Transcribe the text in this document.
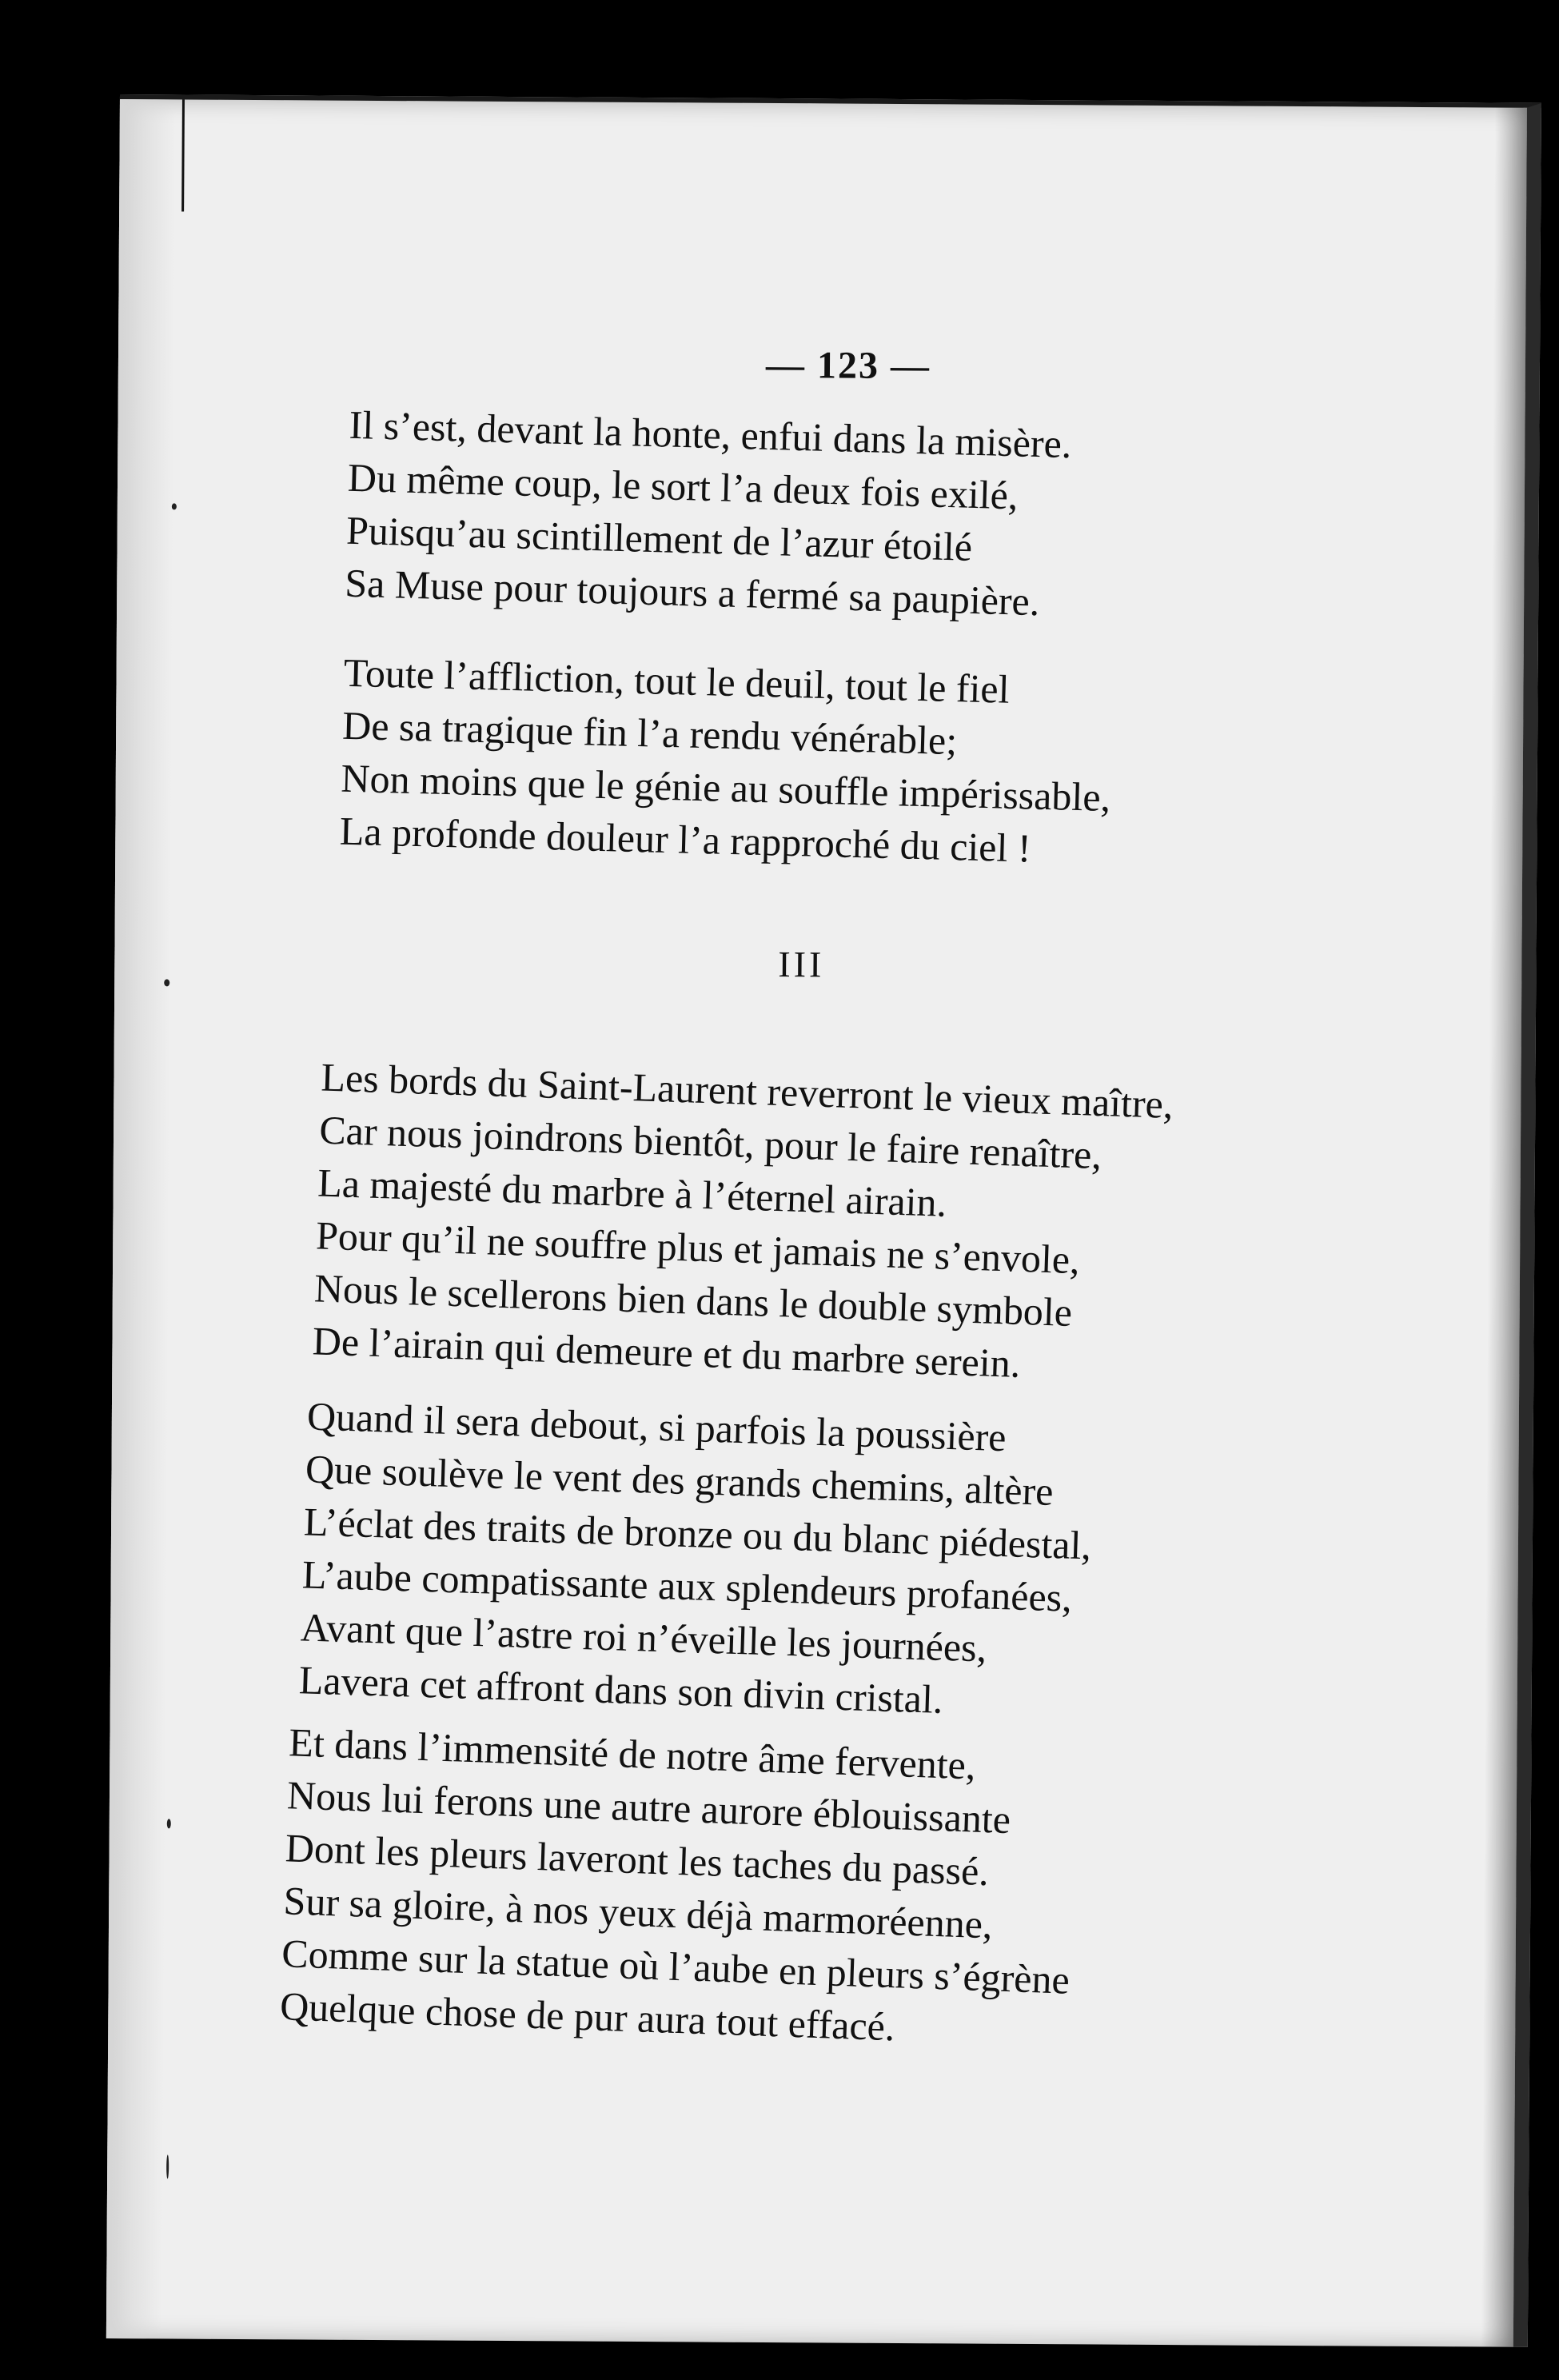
— 123 —
Il s’est, devant la honte, enfui dans la misère.
Du même coup, le sort l’a deux fois exilé,
Puisqu’au scintillement de l’azur étoilé
Sa Muse pour toujours a fermé sa paupière.
Toute l’affliction, tout le deuil, tout le fiel
De sa tragique fin l’a rendu vénérable;
Non moins que le génie au souffle impérissable,
La profonde douleur l’a rapproché du ciel !
III
Les bords du Saint-Laurent reverront le vieux maître,
Car nous joindrons bientôt, pour le faire renaître,
La majesté du marbre à l’éternel airain.
Pour qu’il ne souffre plus et jamais ne s’envole,
Nous le scellerons bien dans le double symbole
De l’airain qui demeure et du marbre serein.
Quand il sera debout, si parfois la poussière
Que soulève le vent des grands chemins, altère
L’éclat des traits de bronze ou du blanc piédestal,
L’aube compatissante aux splendeurs profanées,
Avant que l’astre roi n’éveille les journées,
Lavera cet affront dans son divin cristal.
Et dans l’immensité de notre âme fervente,
Nous lui ferons une autre aurore éblouissante
Dont les pleurs laveront les taches du passé.
Sur sa gloire, à nos yeux déjà marmoréenne,
Comme sur la statue où l’aube en pleurs s’égrène
Quelque chose de pur aura tout effacé.
